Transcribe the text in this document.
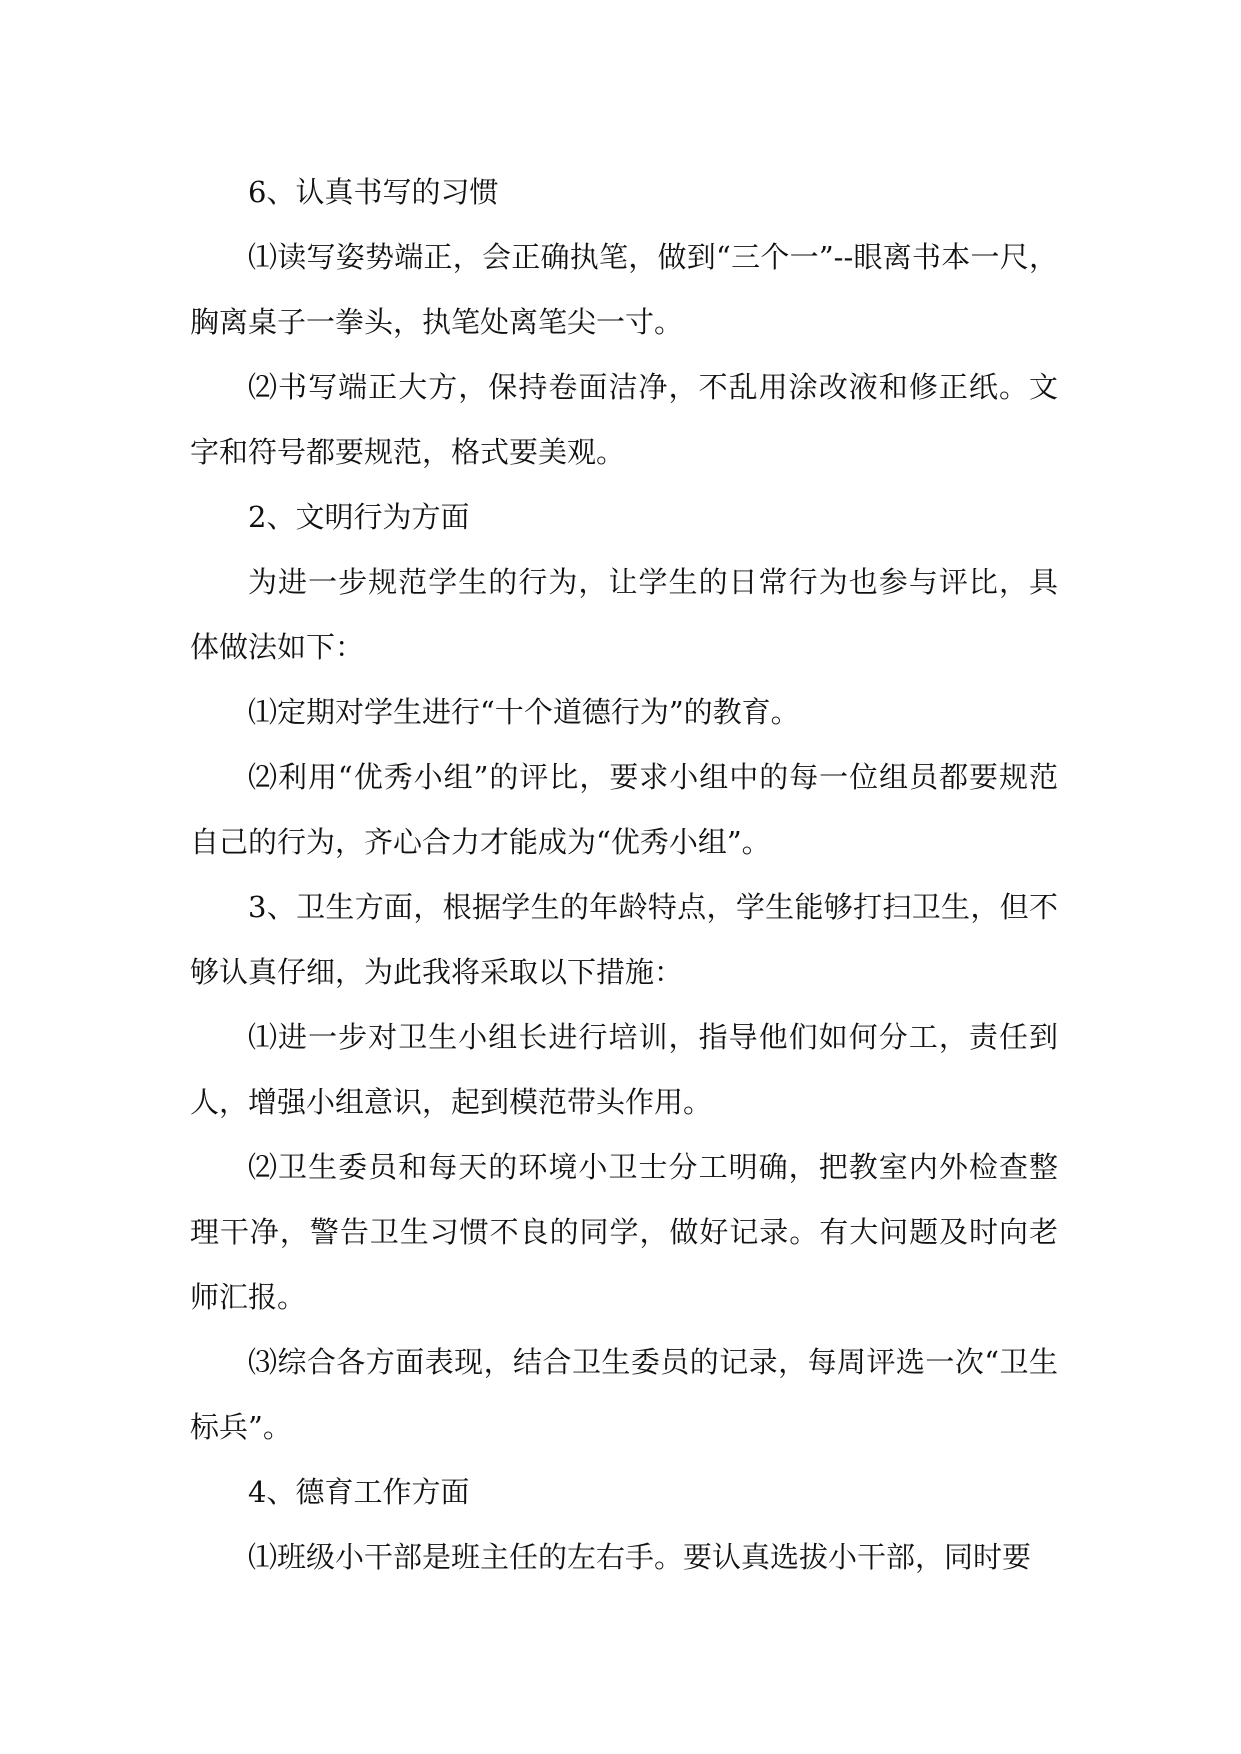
6、认真书写的习惯

⑴读写姿势端正，会正确执笔，做到“三个一”--眼离书本一尺，胸离桌子一拳头，执笔处离笔尖一寸。

⑵书写端正大方，保持卷面洁净，不乱用涂改液和修正纸。文字和符号都要规范，格式要美观。

2、文明行为方面

为进一步规范学生的行为，让学生的日常行为也参与评比，具体做法如下：

⑴定期对学生进行“十个道德行为”的教育。

⑵利用“优秀小组”的评比，要求小组中的每一位组员都要规范自己的行为，齐心合力才能成为“优秀小组”。

3、卫生方面，根据学生的年龄特点，学生能够打扫卫生，但不够认真仔细，为此我将采取以下措施：

⑴进一步对卫生小组长进行培训，指导他们如何分工，责任到人，增强小组意识，起到模范带头作用。

⑵卫生委员和每天的环境小卫士分工明确，把教室内外检查整理干净，警告卫生习惯不良的同学，做好记录。有大问题及时向老师汇报。

⑶综合各方面表现，结合卫生委员的记录，每周评选一次“卫生标兵”。

4、德育工作方面

⑴班级小干部是班主任的左右手。要认真选拔小干部，同时要
